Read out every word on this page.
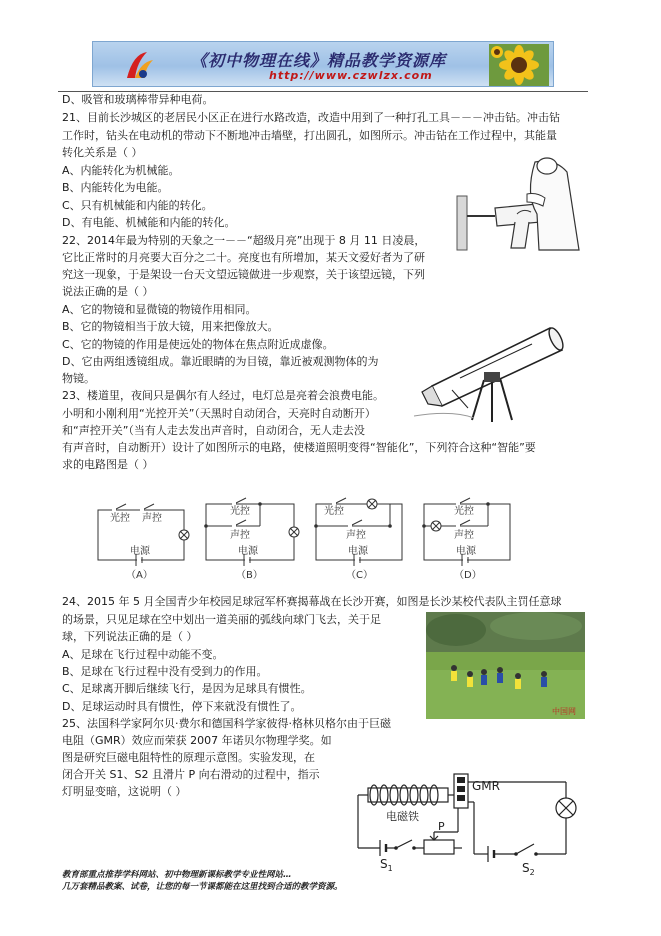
《初中物理在线》精品教学资源库
http://www.czwlzx.com
D、吸管和玻璃棒带异种电荷。
21、目前长沙城区的老居民小区正在进行水路改造，改造中用到了一种打孔工具－－－冲击钻。冲击钻
工作时，钻头在电动机的带动下不断地冲击墙壁，打出圆孔，如图所示。冲击钻在工作过程中，其能量
转化关系是（ ）
A、内能转化为机械能。
B、内能转化为电能。
C、只有机械能和内能的转化。
D、有电能、机械能和内能的转化。
22、2014年最为特别的天象之一－－“超级月亮”出现于 8 月 11 日凌晨，
它比正常时的月亮要大百分之二十。亮度也有所增加，某天文爱好者为了研
究这一现象，于是架设一台天文望远镜做进一步观察，关于该望远镜，下列
说法正确的是（ ）
A、它的物镜和显微镜的物镜作用相同。
B、它的物镜相当于放大镜，用来把像放大。
C、它的物镜的作用是使远处的物体在焦点附近成虚像。
D、它由两组透镜组成。靠近眼睛的为目镜，靠近被观测物体的为
物镜。
23、楼道里，夜间只是偶尔有人经过，电灯总是亮着会浪费电能。
小明和小刚利用“光控开关”（天黑时自动闭合，天亮时自动断开）
和“声控开关”（当有人走去发出声音时，自动闭合，无人走去没
有声音时，自动断开）设计了如图所示的电路，使楼道照明变得“智能化”，下列符合这种“智能”要
求的电路图是（ ）
24、2015 年 5 月全国青少年校园足球冠军杯赛揭幕战在长沙开赛，如图是长沙某校代表队主罚任意球
的场景，只见足球在空中划出一道美丽的弧线向球门飞去，关于足
球，下列说法正确的是（ ）
A、足球在飞行过程中动能不变。
B、足球在飞行过程中没有受到力的作用。
C、足球离开脚后继续飞行，是因为足球具有惯性。
D、足球运动时具有惯性，停下来就没有惯性了。
25、法国科学家阿尔贝·费尔和德国科学家彼得·格林贝格尔由于巨磁
电阻（GMR）效应而荣获 2007 年诺贝尔物理学奖。如
图是研究巨磁电阻特性的原理示意图。实验发现，在
闭合开关 S1、S2 且滑片 P 向右滑动的过程中，指示
灯明显变暗，这说明（ ）
光控 声控
电源
（A）
光控
声控
电源
（B）
光控
声控
电源
（C）
光控
声控
电源
（D）
中国网
电磁铁
$S_1$
P
GMR
$S_2$
教育部重点推荐学科网站、初中物理新课标教学专业性网站…
几万套精品教案、试卷，让您的每一节课都能在这里找到合适的教学资源。
